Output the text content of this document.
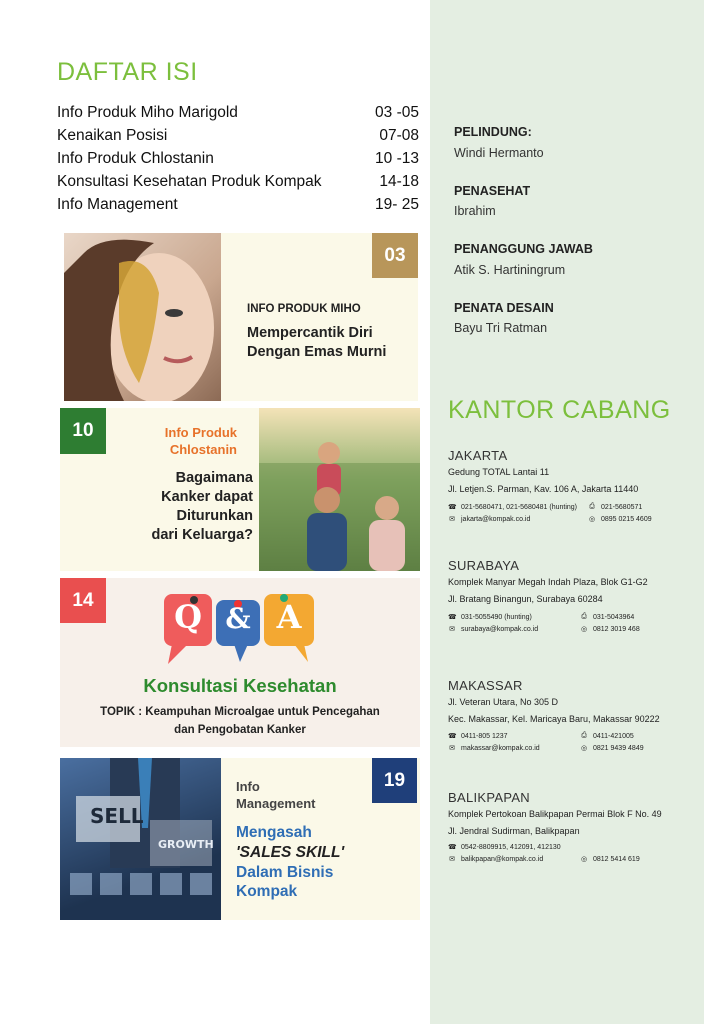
DAFTAR ISI
Info Produk Miho Marigold	03 -05
Kenaikan Posisi	07-08
Info Produk Chlostanin	10 -13
Konsultasi Kesehatan Produk Kompak	14-18
Info Management	19- 25
03
INFO PRODUK MIHO
Mempercantik Diri
Dengan Emas Murni
10	Info Produk
Chlostanin
Bagaimana
Kanker dapat
Diturunkan
dari Keluarga?
14	Q & A
Konsultasi Kesehatan
TOPIK : Keampuhan Microalgae untuk Pencegahan
dan Pengobatan Kanker
SELL
GROWTH
19
Info
Management
Mengasah
'SALES SKILL'
Dalam Bisnis
Kompak
PELINDUNG:
Windi Hermanto
PENASEHAT
Ibrahim
PENANGGUNG JAWAB
Atik S. Hartiningrum
PENATA DESAIN
Bayu Tri Ratman
KANTOR CABANG
JAKARTA
Gedung TOTAL Lantai 11
Jl. Letjen.S. Parman, Kav. 106 A, Jakarta 11440
☎ 021-5680471, 021-5680481 (hunting) ⎙ 021-5680571
✉ jakarta@kompak.co.id	◎ 0895 0215 4609
SURABAYA
Komplek Manyar Megah Indah Plaza, Blok G1-G2
Jl. Bratang Binangun, Surabaya 60284
☎ 031-5055490 (hunting)	⎙ 031-5043964
✉ surabaya@kompak.co.id	◎ 0812 3019 468
MAKASSAR
Jl. Veteran Utara, No 305 D
Kec. Makassar, Kel. Maricaya Baru, Makassar 90222
☎ 0411-805 1237	⎙ 0411-421005
✉ makassar@kompak.co.id	◎ 0821 9439 4849
BALIKPAPAN
Komplek Pertokoan Balikpapan Permai Blok F No. 49
Jl. Jendral Sudirman, Balikpapan
☎ 0542-8809915, 412091, 412130
✉ balikpapan@kompak.co.id	◎ 0812 5414 619
